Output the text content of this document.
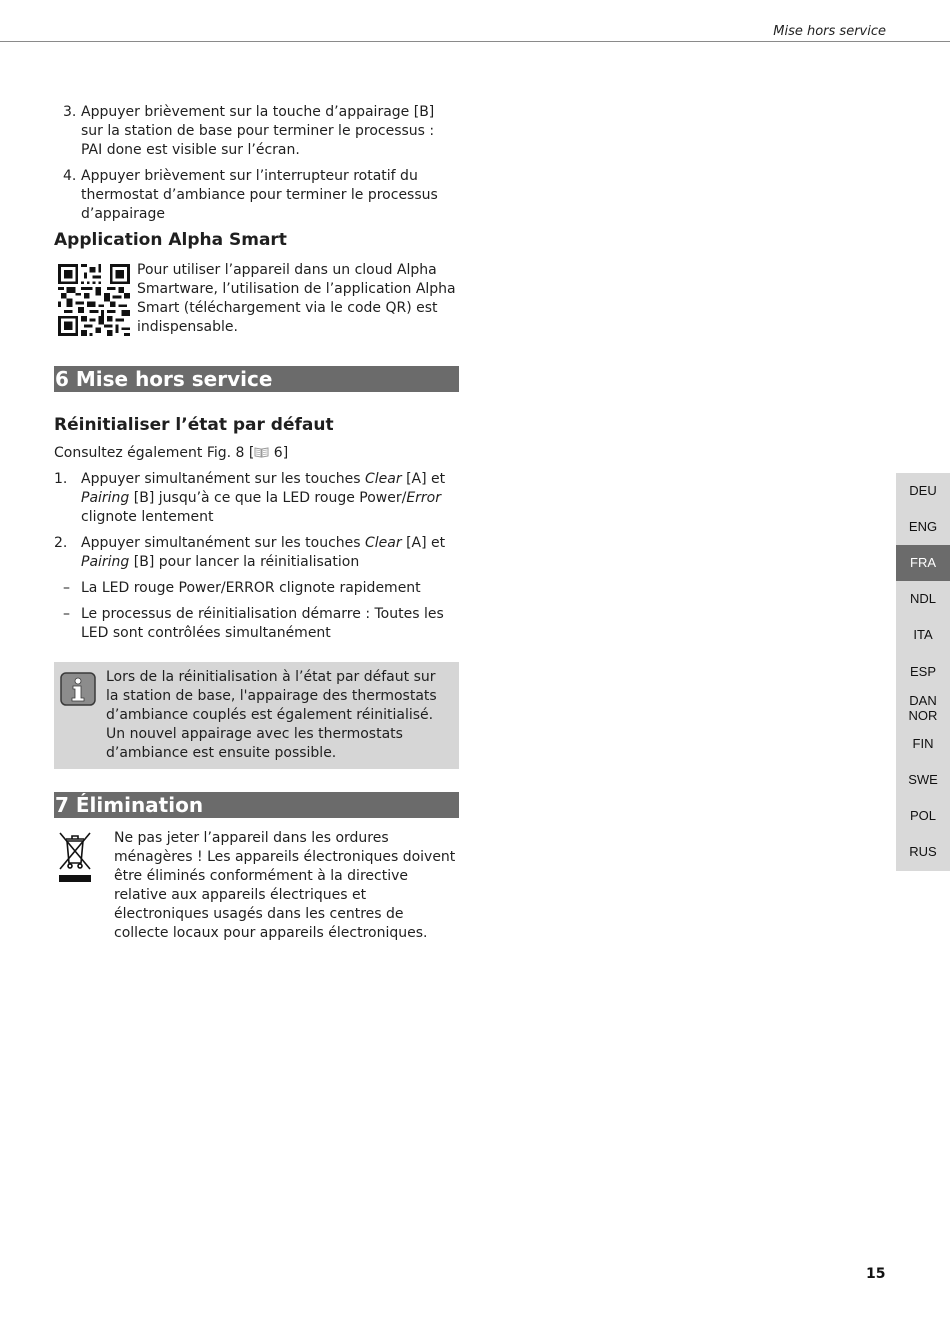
Mise hors service
3. Appuyer brièvement sur la touche d’appairage [B] sur la station de base pour terminer le processus : PAI done est visible sur l’écran.
4. Appuyer brièvement sur l’interrupteur rotatif du thermostat d’ambiance pour terminer le processus d’appairage
Application Alpha Smart
Pour utiliser l’appareil dans un cloud Alpha Smartware, l’utilisation de l’application Alpha Smart (téléchargement via le code QR) est indispensable.
6 Mise hors service
Réinitialiser l’état par défaut
Consultez également Fig. 8 [ 6]
1. Appuyer simultanément sur les touches Clear [A] et Pairing [B] jusqu’à ce que la LED rouge Power/Error clignote lentement
2. Appuyer simultanément sur les touches Clear [A] et Pairing [B] pour lancer la réinitialisation
– La LED rouge Power/ERROR clignote rapidement
– Le processus de réinitialisation démarre : Toutes les LED sont contrôlées simultanément
Lors de la réinitialisation à l’état par défaut sur la station de base, l'appairage des thermostats d’ambiance couplés est également réinitialisé. Un nouvel appairage avec les thermostats d’ambiance est ensuite possible.
7 Élimination
Ne pas jeter l’appareil dans les ordures ménagères ! Les appareils électroniques doivent être éliminés conformément à la directive relative aux appareils électriques et électroniques usagés dans les centres de collecte locaux pour appareils électroniques.
DEU
ENG
FRA
NDL
ITA
ESP
DAN
NOR
FIN
SWE
POL
RUS
15
